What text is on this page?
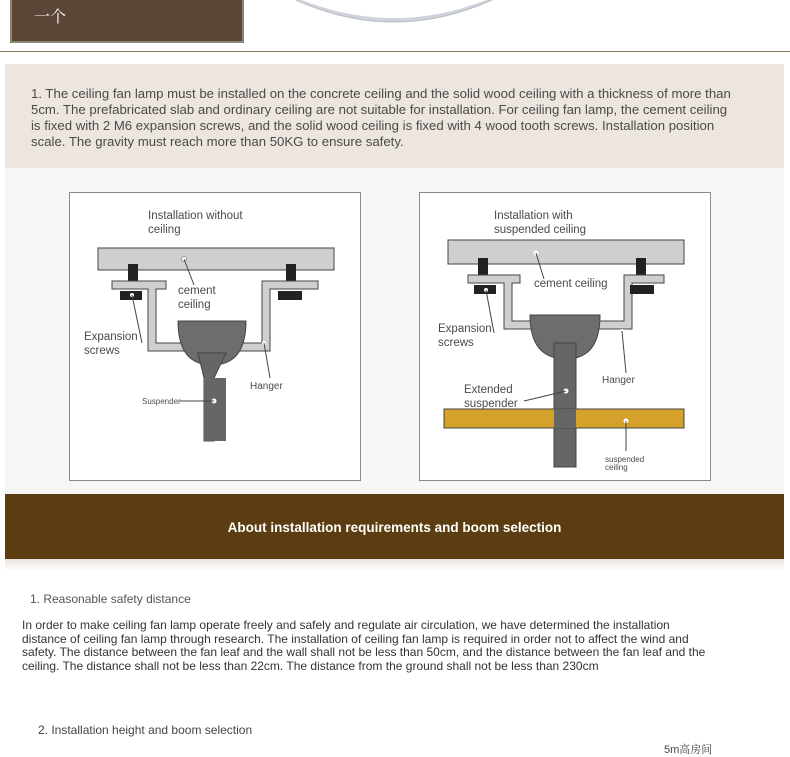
一个

1. The ceiling fan lamp must be installed on the concrete ceiling and the solid wood ceiling with a thickness of more than 5cm. The prefabricated slab and ordinary ceiling are not suitable for installation. For ceiling fan lamp, the cement ceiling is fixed with 2 M6 expansion screws, and the solid wood ceiling is fixed with 4 wood tooth screws. Installation position scale. The gravity must reach more than 50KG to ensure safety.

Installation without
ceiling
cement
ceiling
Expansion
screws
Hanger
Suspender
Installation with
suspended ceiling
cement ceiling
Expansion
screws
Hanger
Extended
suspender
suspended
ceiling
About installation requirements and boom selection
1. Reasonable safety distance

In order to make ceiling fan lamp operate freely and safely and regulate air circulation, we have determined the installation distance of ceiling fan lamp through research. The installation of ceiling fan lamp is required in order not to affect the wind and safety. The distance between the fan leaf and the wall shall not be less than 50cm, and the distance between the fan leaf and the ceiling. The distance shall not be less than 22cm. The distance from the ground shall not be less than 230cm

2. Installation height and boom selection
5m高房间
